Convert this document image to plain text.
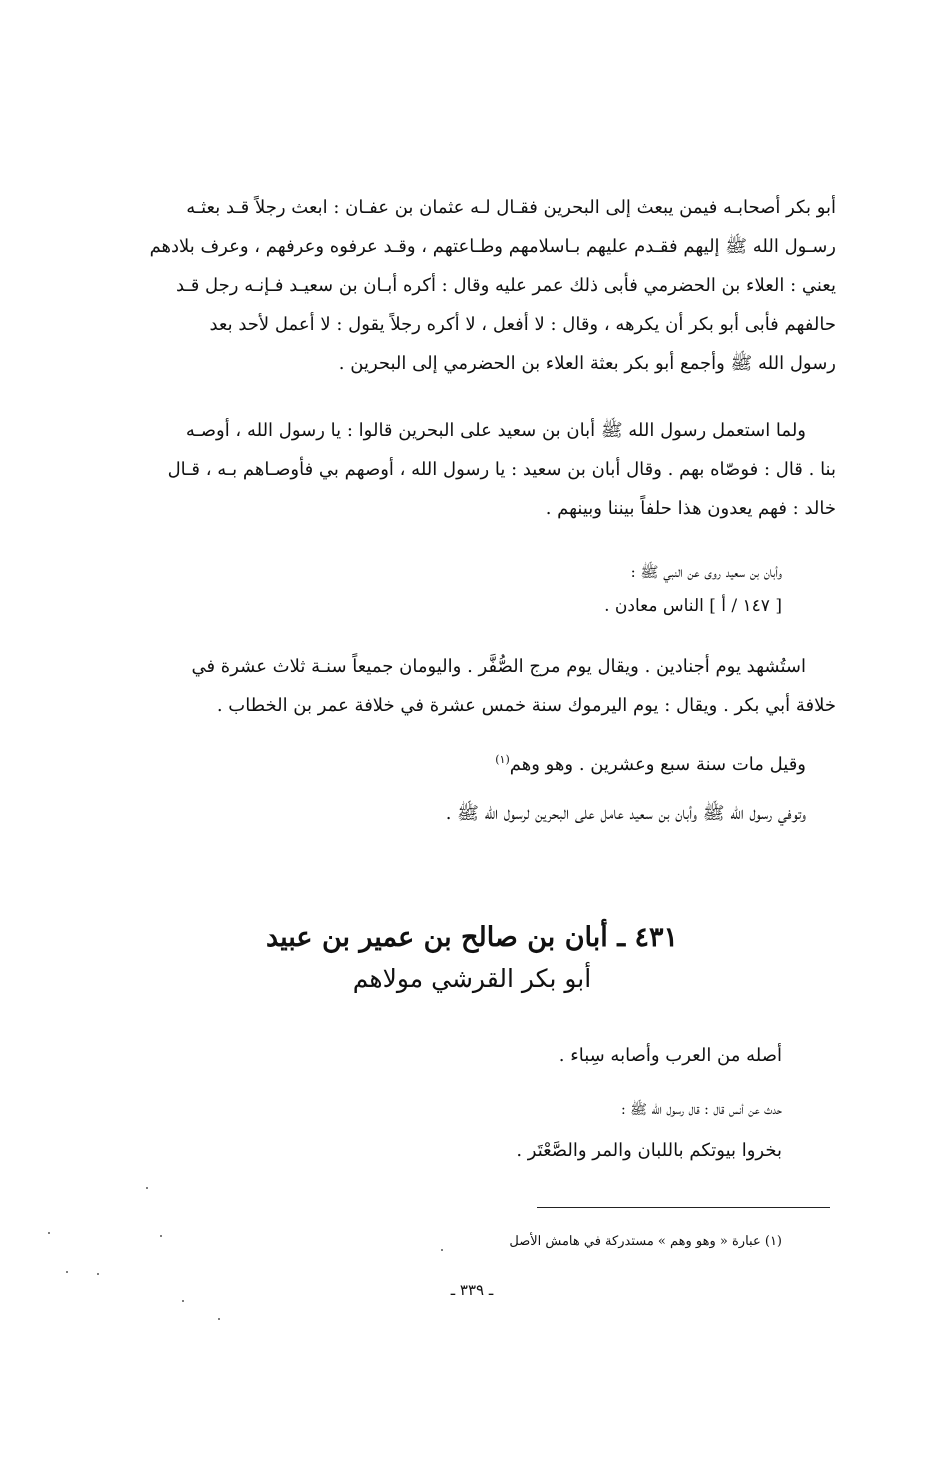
أبو بكر أصحابـه فيمن يبعث إلى البحرين فقـال لـه عثمان بن عفـان : ابعث رجلاً قـد بعثـه
رسـول الله ﷺ إليهم فقـدم عليهم بـاسلامهم وطـاعتهم ، وقـد عرفوه وعرفهم ، وعرف بلادهم
يعني : العلاء بن الحضرمي فأبى ذلك عمر عليه وقال : أكره أبـان بن سعيـد فـإنـه رجل قـد
حالفهم فأبى أبو بكر أن يكرهه ، وقال : لا أفعل ، لا أكره رجلاً يقول : لا أعمل لأحد بعد
رسول الله ﷺ وأجمع أبو بكر بعثة العلاء بن الحضرمي إلى البحرين .
ولما استعمل رسول الله ﷺ أبان بن سعيد على البحرين قالوا : يا رسول الله ، أوصـه
بنا . قال : فوصّاه بهم . وقال أبان بن سعيد : يا رسول الله ، أوصهم بي فأوصـاهم بـه ، قـال
خالد : فهم يعدون هذا حلفاً بيننا وبينهم .
وأبان بن سعيد روى عن النبي ﷺ :
[ ١٤٧ / أ ] الناس معادن .
استُشهد يوم أجنادين . ويقال يوم مرج الصُّفَّر . واليومان جميعاً سنـة ثلاث عشرة في
خلافة أبي بكر . ويقال : يوم اليرموك سنة خمس عشرة في خلافة عمر بن الخطاب .
وقيل مات سنة سبع وعشرين . وهو وهم$^{(١)}$
وتوفي رسول الله ﷺ وأبان بن سعيد عامل على البحرين لرسول الله ﷺ .
٤٣١ ـ أبان بن صالح بن عمير بن عبيد
أبو بكر القرشي مولاهم
أصله من العرب وأصابه سِباء .
حدث عن أنس قال : قال رسول الله ﷺ :
بخروا بيوتكم باللبان والمر والصَّعْتَر .
(١) عبارة « وهو وهم » مستدركة في هامش الأصل
ـ ٣٣٩ ـ
